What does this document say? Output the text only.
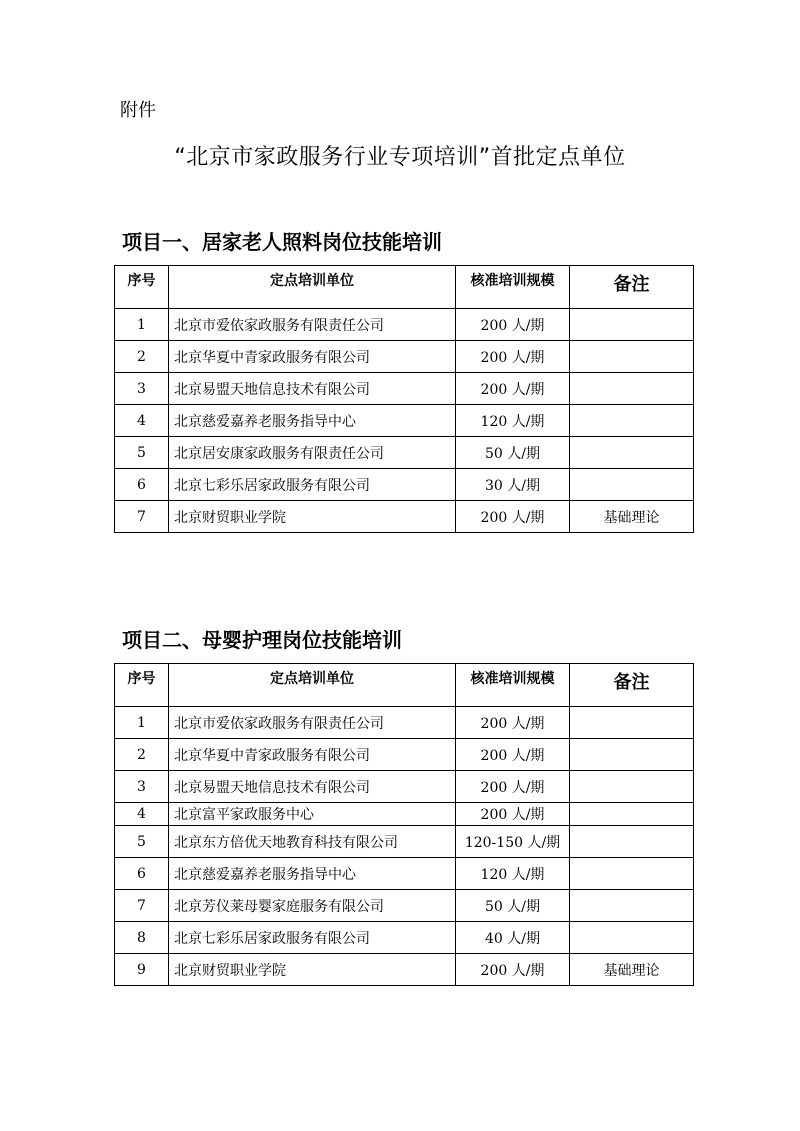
附件
“北京市家政服务行业专项培训”首批定点单位
项目一、居家老人照料岗位技能培训
序号	定点培训单位	核准培训规模	备注
1	北京市爱依家政服务有限责任公司	200 人/期	
2	北京华夏中青家政服务有限公司	200 人/期	
3	北京易盟天地信息技术有限公司	200 人/期	
4	北京慈爱嘉养老服务指导中心	120 人/期	
5	北京居安康家政服务有限责任公司	50 人/期	
6	北京七彩乐居家政服务有限公司	30 人/期	
7	北京财贸职业学院	200 人/期	基础理论
项目二、母婴护理岗位技能培训
序号	定点培训单位	核准培训规模	备注
1	北京市爱依家政服务有限责任公司	200 人/期	
2	北京华夏中青家政服务有限公司	200 人/期	
3	北京易盟天地信息技术有限公司	200 人/期	
4	北京富平家政服务中心	200 人/期	
5	北京东方倍优天地教育科技有限公司	120-150 人/期	
6	北京慈爱嘉养老服务指导中心	120 人/期	
7	北京芳仪莱母婴家庭服务有限公司	50 人/期	
8	北京七彩乐居家政服务有限公司	40 人/期	
9	北京财贸职业学院	200 人/期	基础理论
